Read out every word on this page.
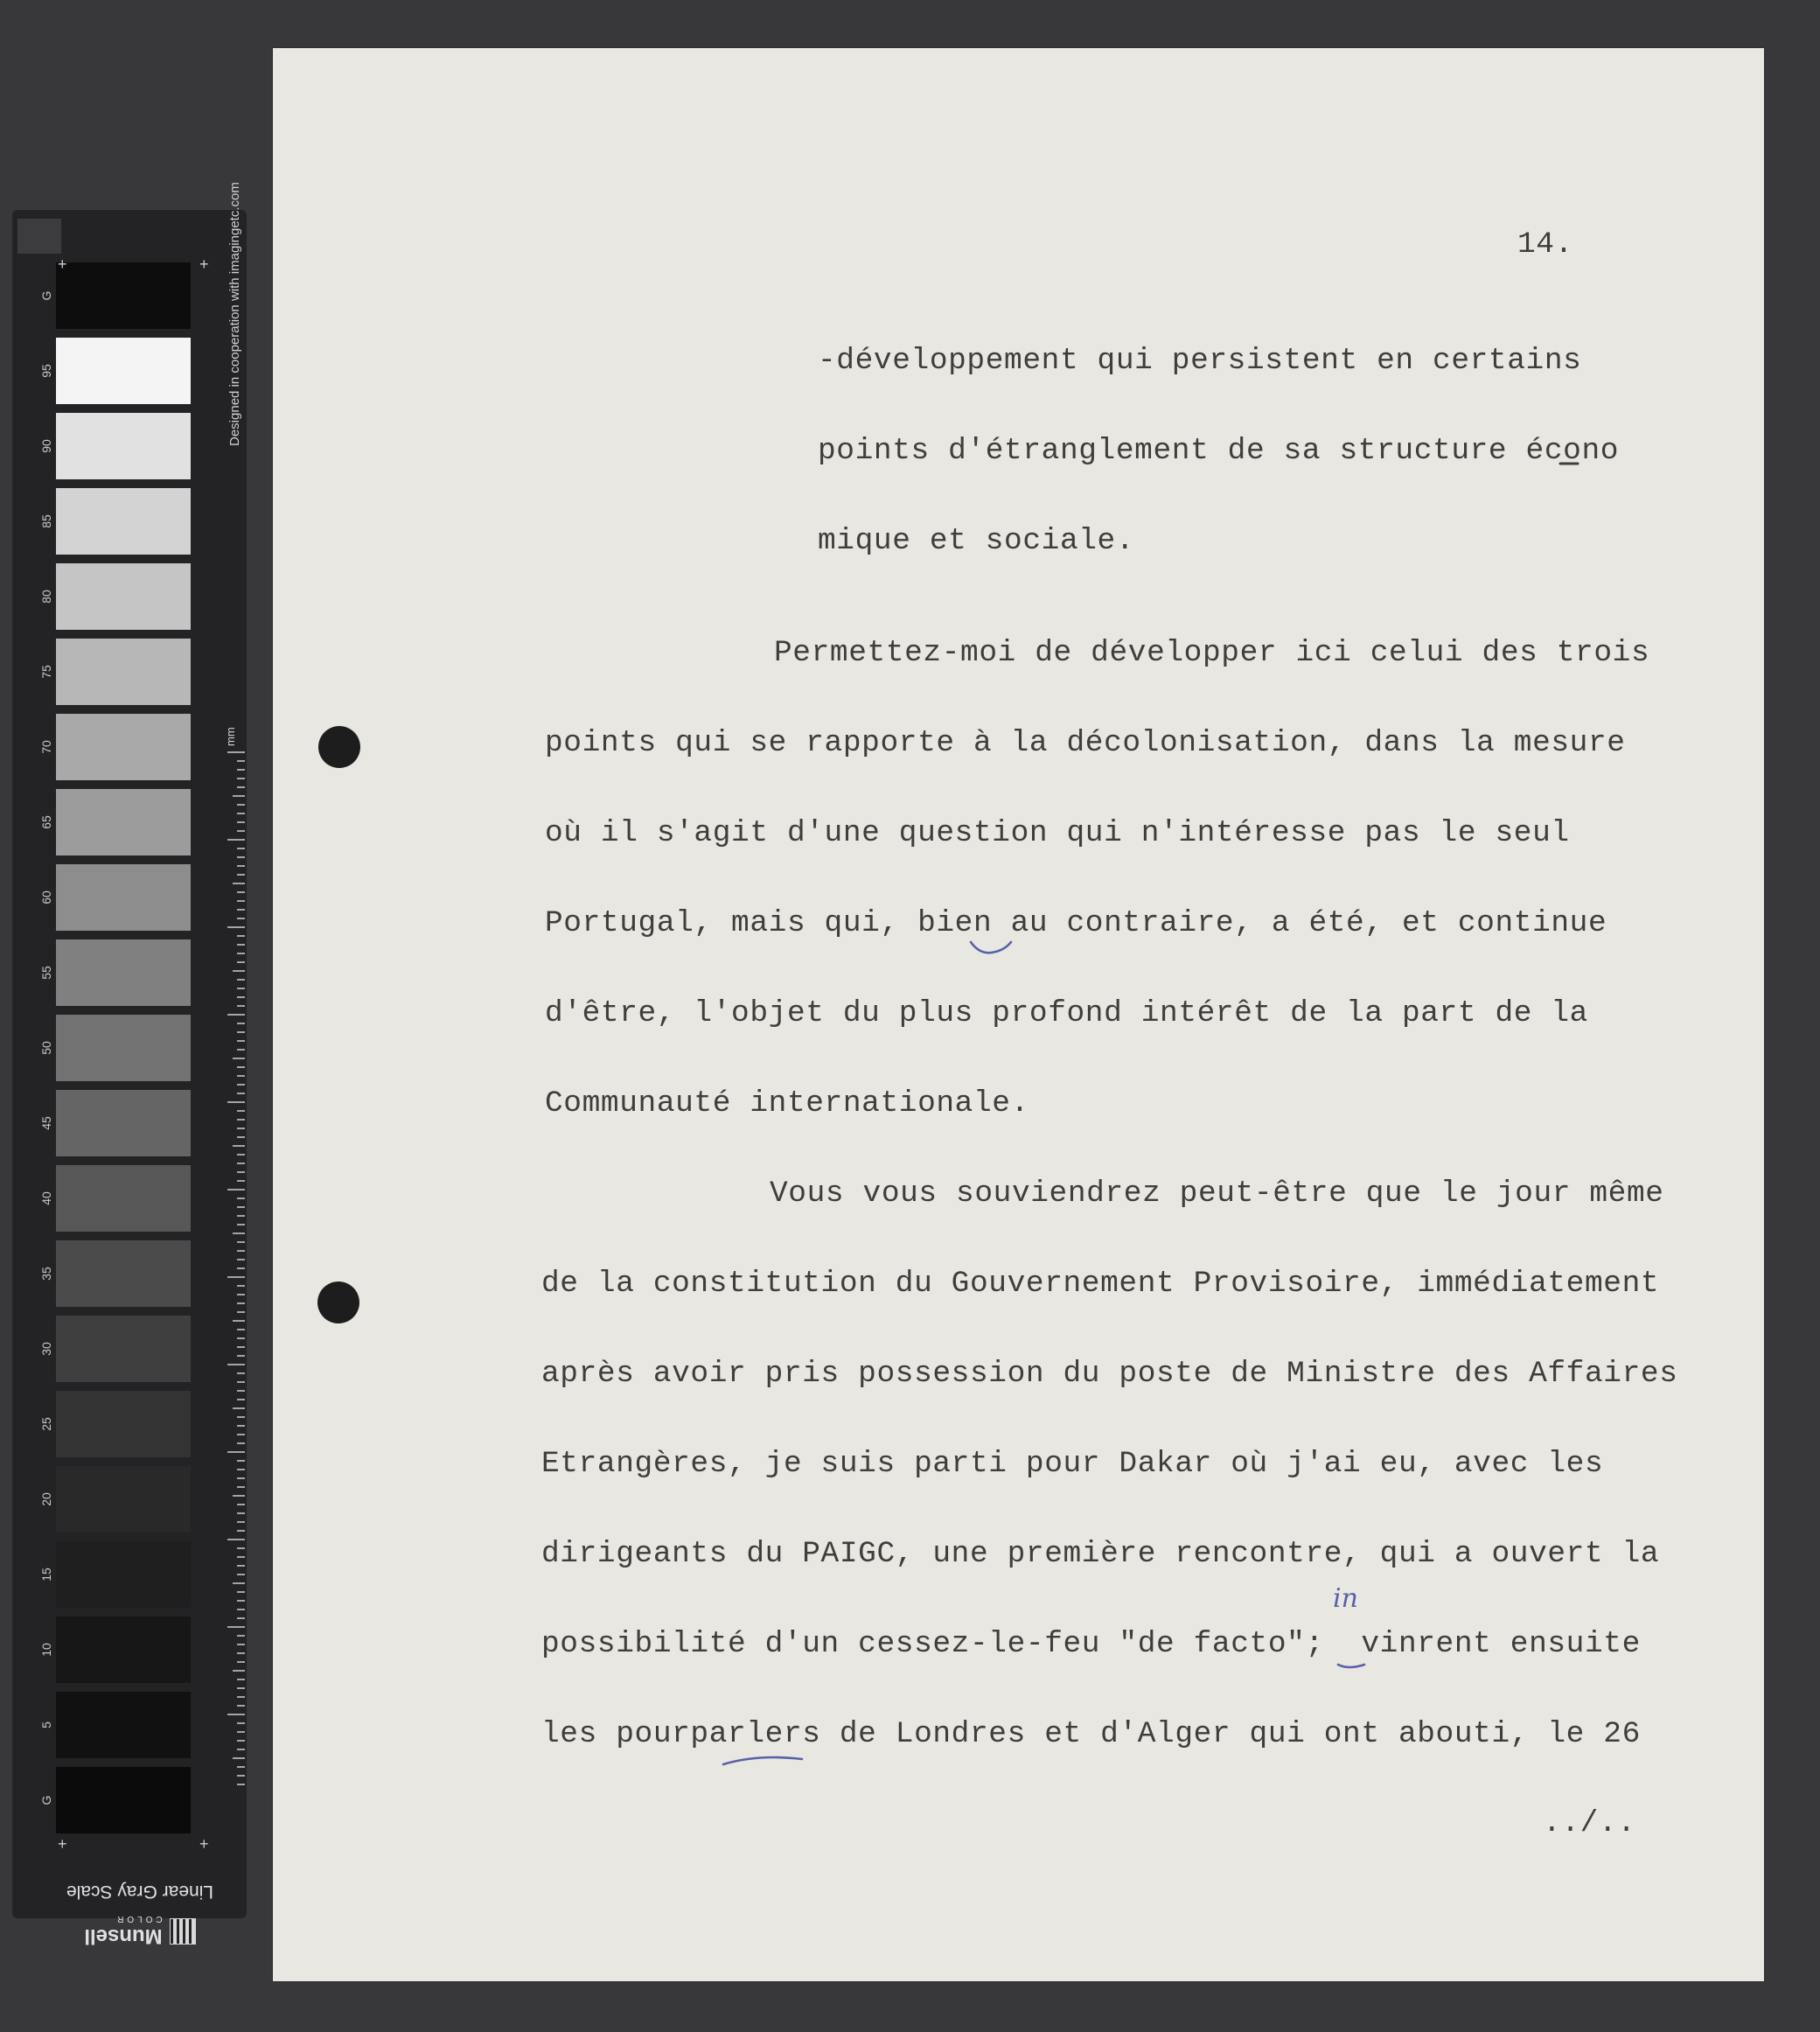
G
95
90
85
80
75
70
65
60
55
50
45
40
35
30
25
20
15
10
5
G
+	+
+	+
Designed in cooperation with imagingetc.com
mm
Linear Gray Scale
Munsell
COLOR
14.
-développement qui persistent en certains
points d'étranglement de sa structure écono
mique et sociale.
Permettez-moi de développer ici celui des trois
points qui se rapporte à la décolonisation, dans la mesure
où il s'agit d'une question qui n'intéresse pas le seul
Portugal, mais qui, bien au contraire, a été, et continue
d'être, l'objet du plus profond intérêt de la part de la
Communauté internationale.
Vous vous souviendrez peut-être que le jour même
de la constitution du Gouvernement Provisoire, immédiatement
après avoir pris possession du poste de Ministre des Affaires
Etrangères, je suis parti pour Dakar où j'ai eu, avec les
dirigeants du PAIGC, une première rencontre, qui a ouvert la
possibilité d'un cessez-le-feu "de facto";  vinrent ensuite
les pourparlers de Londres et d'Alger qui ont abouti, le 26
../..
in
